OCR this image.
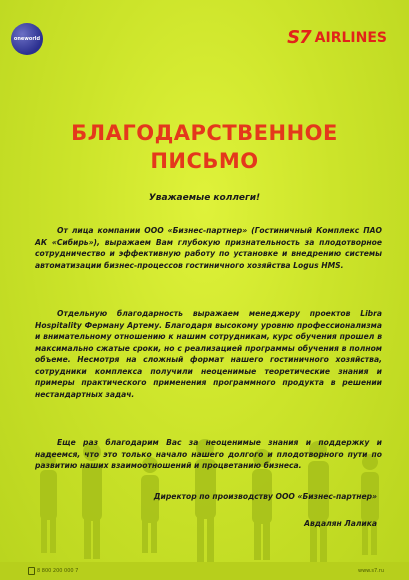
oneworld	S7 AIRLINES
БЛАГОДАРСТВЕННОЕ
ПИСЬМО
Уважаемые коллеги!

От лица компании ООО «Бизнес-партнер» (Гостиничный Комплекс ПАО АК «Сибирь»), выражаем Вам глубокую признательность за плодотворное сотрудничество и эффективную работу по установке и внедрению системы автоматизации бизнес-процессов гостиничного хозяйства Logus HMS.

Отдельную благодарность выражаем менеджеру проектов Libra Hospitality Ферману Артему. Благодаря высокому уровню профессионализма и внимательному отношению к нашим сотрудникам, курс обучения прошел в максимально сжатые сроки, но с реализацией программы обучения в полном объеме. Несмотря на сложный формат нашего гостиничного хозяйства, сотрудники комплекса получили неоценимые теоретические знания и примеры практического применения программного продукта в решении нестандартных задач.

Еще раз благодарим Вас за неоценимые знания и поддержку и надеемся, что это только начало нашего долгого и плодотворного пути по развитию наших взаимоотношений и процветанию бизнеса.

Директор по производству ООО «Бизнес-партнер»
Авдалян Лалика
8 800 200 000 7	www.s7.ru
